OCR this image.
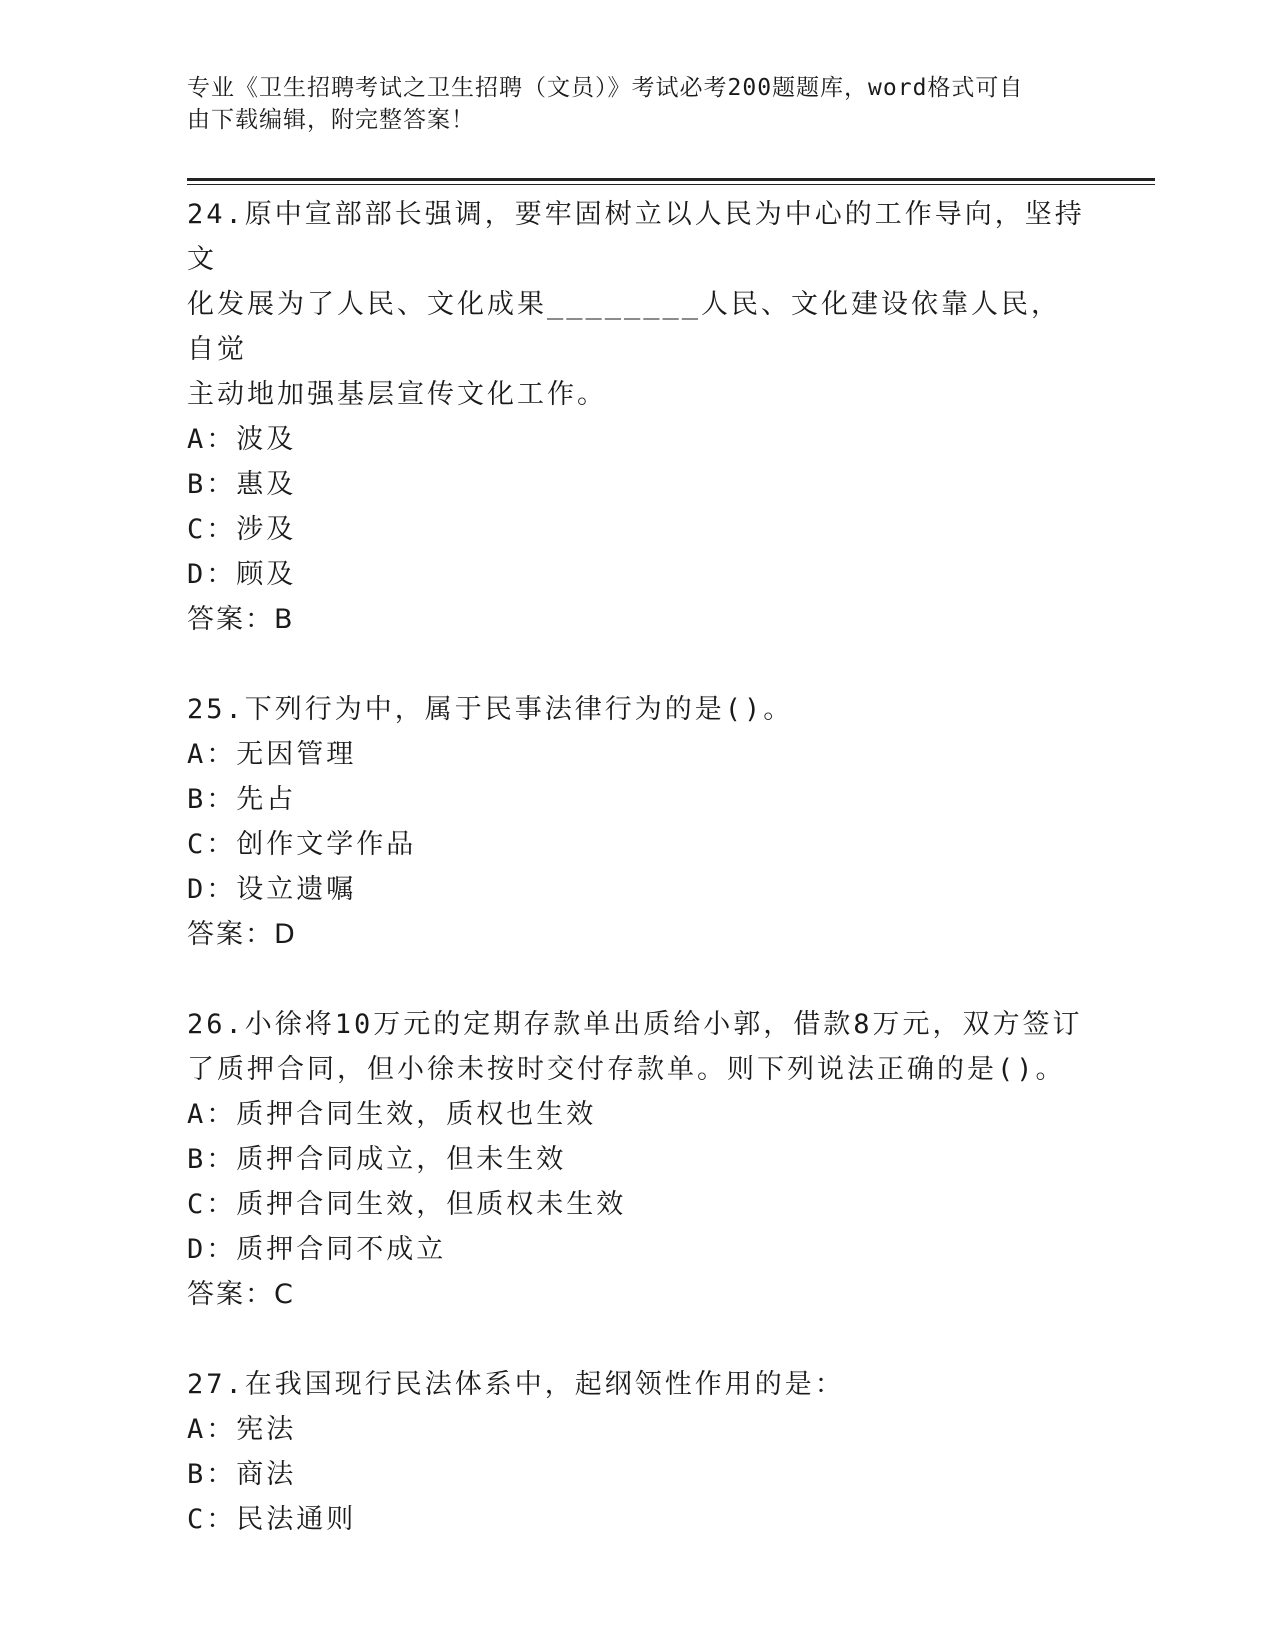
专业《卫生招聘考试之卫生招聘（文员）》考试必考200题题库，word格式可自
由下载编辑，附完整答案！

24.原中宣部部长强调，要牢固树立以人民为中心的工作导向，坚持文

化发展为了人民、文化成果________人民、文化建设依靠人民，自觉

主动地加强基层宣传文化工作。

A：波及

B：惠及

C：涉及

D：顾及

答案：B

25.下列行为中，属于民事法律行为的是()。

A：无因管理

B：先占

C：创作文学作品

D：设立遗嘱

答案：D

26.小徐将10万元的定期存款单出质给小郭，借款8万元，双方签订

了质押合同，但小徐未按时交付存款单。则下列说法正确的是()。

A：质押合同生效，质权也生效

B：质押合同成立，但未生效

C：质押合同生效，但质权未生效

D：质押合同不成立

答案：C

27.在我国现行民法体系中，起纲领性作用的是：

A：宪法

B：商法

C：民法通则
